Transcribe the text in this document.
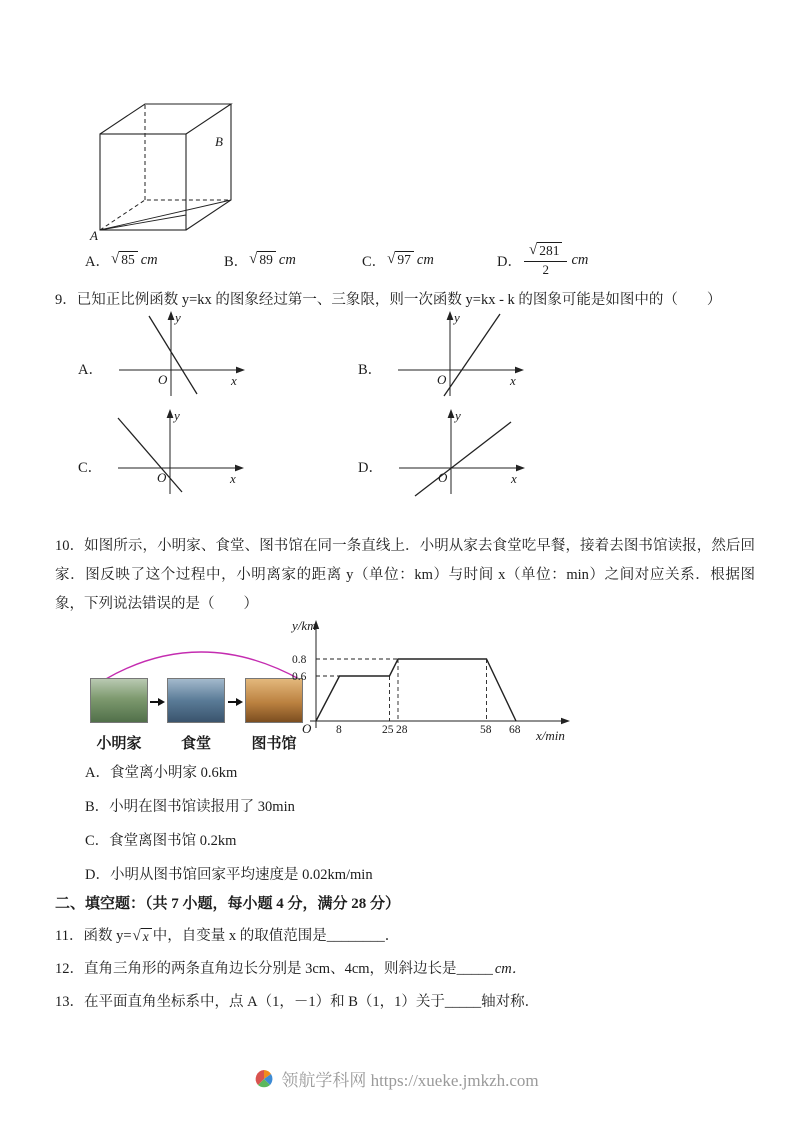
A
B
A． √ 85 cm	B． √ 89 cm	C． √ 97 cm	D． $\frac{√ 281}{2}$ cm

9．已知正比例函数 y=kx 的图象经过第一、三象限，则一次函数 y=kx - k 的图象可能是如图中的（　　）

A．
y
x
O
B．
y
x
O
C．
y
x
O
D．
y
x
O

10．如图所示，小明家、食堂、图书馆在同一条直线上．小明从家去食堂吃早餐，接着去图书馆读报，然后回家．图反映了这个过程中，小明离家的距离 y（单位：km）与时间 x（单位：min）之间对应关系．根据图象，下列说法错误的是（　　）

小明家	食堂	图书馆
y/km
x/min
O
0.8
0.6
8	25 28	58 68
A．食堂离小明家 0.6km
B．小明在图书馆读报用了 30min
C．食堂离图书馆 0.2km
D．小明从图书馆回家平均速度是 0.02km/min
二、填空题：（共 7 小题，每小题 4 分，满分 28 分）
11．函数 y= √ x 中，自变量 x 的取值范围是________．
12．直角三角形的两条直角边长分别是 3cm、4cm，则斜边长是_____ cm．
13．在平面直角坐标系中，点 A（1，－1）和 B（1，1）关于_____轴对称．
领航学科网 https://xueke.jmkzh.com
